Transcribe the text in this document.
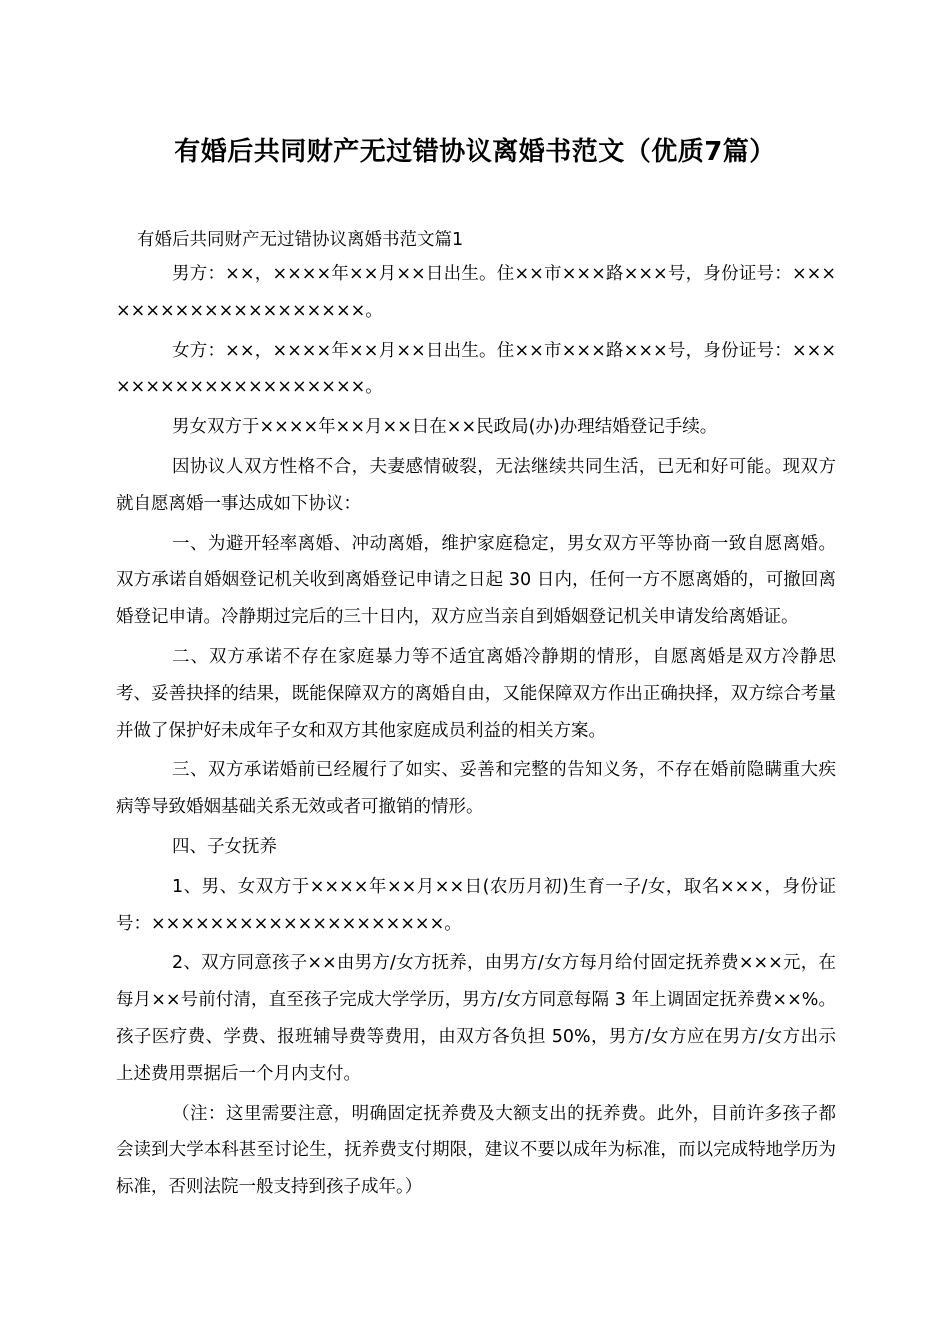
有婚后共同财产无过错协议离婚书范文（优质7篇）
有婚后共同财产无过错协议离婚书范文篇1

男方：××，××××年××月××日出生。住××市×××路×××号，身份证号：××××××××××××××××××××。

女方：××，××××年××月××日出生。住××市×××路×××号，身份证号：××××××××××××××××××××。

男女双方于××××年××月××日在××民政局(办)办理结婚登记手续。

因协议人双方性格不合，夫妻感情破裂，无法继续共同生活，已无和好可能。现双方就自愿离婚一事达成如下协议：

一、为避开轻率离婚、冲动离婚，维护家庭稳定，男女双方平等协商一致自愿离婚。双方承诺自婚姻登记机关收到离婚登记申请之日起 30 日内，任何一方不愿离婚的，可撤回离婚登记申请。冷静期过完后的三十日内，双方应当亲自到婚姻登记机关申请发给离婚证。

二、双方承诺不存在家庭暴力等不适宜离婚冷静期的情形，自愿离婚是双方冷静思考、妥善抉择的结果，既能保障双方的离婚自由，又能保障双方作出正确抉择，双方综合考量并做了保护好未成年子女和双方其他家庭成员利益的相关方案。

三、双方承诺婚前已经履行了如实、妥善和完整的告知义务，不存在婚前隐瞒重大疾病等导致婚姻基础关系无效或者可撤销的情形。

四、子女抚养

1、男、女双方于××××年××月××日(农历月初)生育一子/女，取名×××，身份证号：××××××××××××××××××××。

2、双方同意孩子××由男方/女方抚养，由男方/女方每月给付固定抚养费×××元，在每月××号前付清，直至孩子完成大学学历，男方/女方同意每隔 3 年上调固定抚养费××%。孩子医疗费、学费、报班辅导费等费用，由双方各负担 50%，男方/女方应在男方/女方出示上述费用票据后一个月内支付。

（注：这里需要注意，明确固定抚养费及大额支出的抚养费。此外，目前许多孩子都会读到大学本科甚至讨论生，抚养费支付期限，建议不要以成年为标准，而以完成特地学历为标准，否则法院一般支持到孩子成年。）
